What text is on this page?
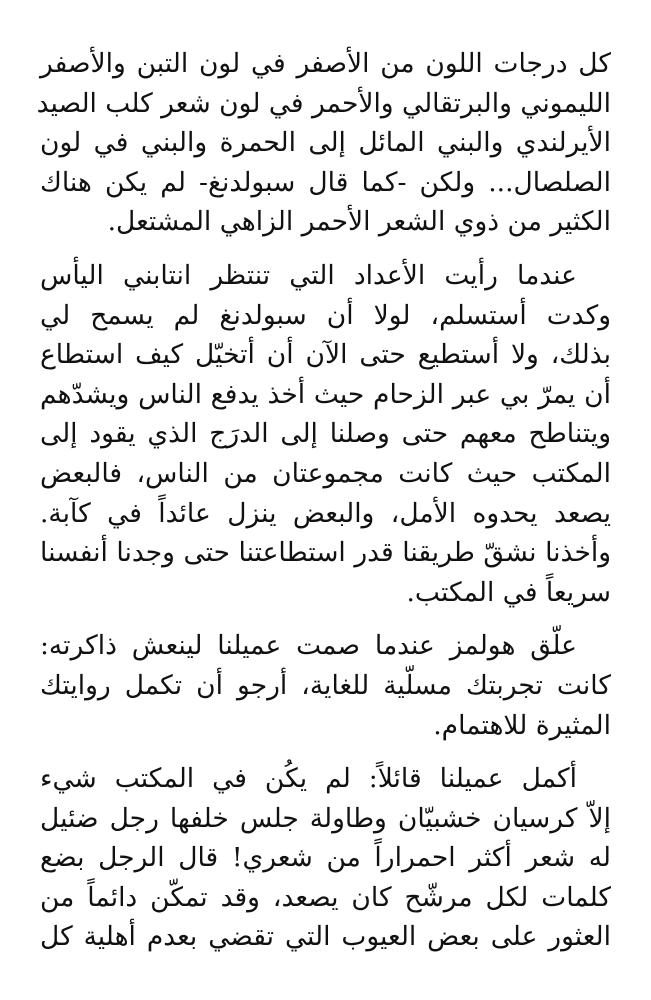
كل درجات اللون من الأصفر في لون التبن والأصفر
الليموني والبرتقالي والأحمر في لون شعر كلب الصيد
الأيرلندي والبني المائل إلى الحمرة والبني في لون
الصلصال... ولكن -كما قال سبولدنغ- لم يكن هناك
الكثير من ذوي الشعر الأحمر الزاهي المشتعل.
عندما رأيت الأعداد التي تنتظر انتابني اليأس
وكدت أستسلم، لولا أن سبولدنغ لم يسمح لي
بذلك، ولا أستطيع حتى الآن أن أتخيّل كيف استطاع
أن يمرّ بي عبر الزحام حيث أخذ يدفع الناس ويشدّهم
ويتناطح معهم حتى وصلنا إلى الدرَج الذي يقود إلى
المكتب حيث كانت مجموعتان من الناس، فالبعض
يصعد يحدوه الأمل، والبعض ينزل عائداً في كآبة.
وأخذنا نشقّ طريقنا قدر استطاعتنا حتى وجدنا أنفسنا
سريعاً في المكتب.
علّق هولمز عندما صمت عميلنا لينعش ذاكرته:
كانت تجربتك مسلّية للغاية، أرجو أن تكمل روايتك
المثيرة للاهتمام.
أكمل عميلنا قائلاً: لم يكُن في المكتب شيء
إلاّ كرسيان خشبيّان وطاولة جلس خلفها رجل ضئيل
له شعر أكثر احمراراً من شعري! قال الرجل بضع
كلمات لكل مرشّح كان يصعد، وقد تمكّن دائماً من
العثور على بعض العيوب التي تقضي بعدم أهلية كل
